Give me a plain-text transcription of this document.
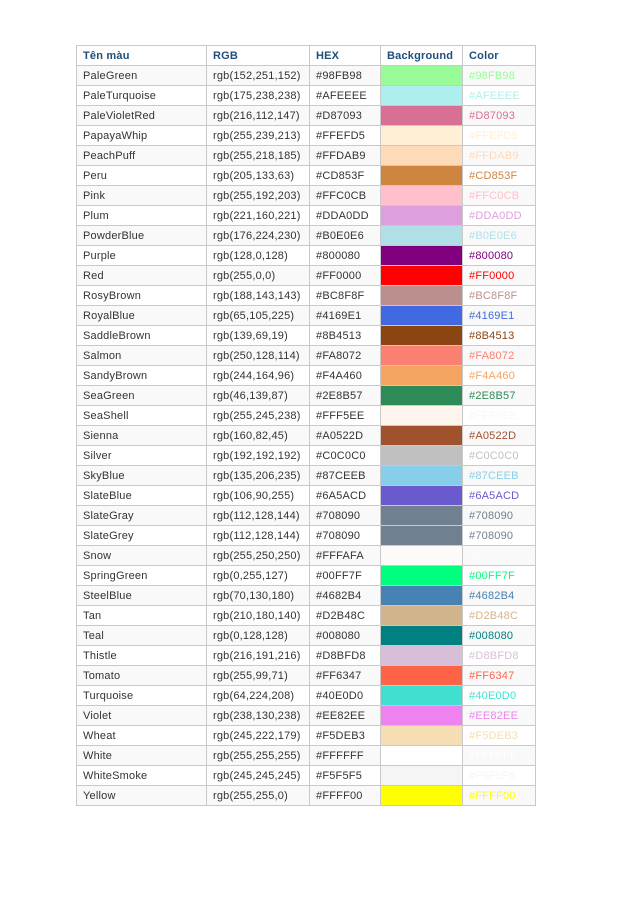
Tên màu	RGB	HEX	Background	Color
PaleGreen	rgb(152,251,152)	#98FB98		#98FB98
PaleTurquoise	rgb(175,238,238)	#AFEEEE		#AFEEEE
PaleVioletRed	rgb(216,112,147)	#D87093		#D87093
PapayaWhip	rgb(255,239,213)	#FFEFD5		#FFEFD5
PeachPuff	rgb(255,218,185)	#FFDAB9		#FFDAB9
Peru	rgb(205,133,63)	#CD853F		#CD853F
Pink	rgb(255,192,203)	#FFC0CB		#FFC0CB
Plum	rgb(221,160,221)	#DDA0DD		#DDA0DD
PowderBlue	rgb(176,224,230)	#B0E0E6		#B0E0E6
Purple	rgb(128,0,128)	#800080		#800080
Red	rgb(255,0,0)	#FF0000		#FF0000
RosyBrown	rgb(188,143,143)	#BC8F8F		#BC8F8F
RoyalBlue	rgb(65,105,225)	#4169E1		#4169E1
SaddleBrown	rgb(139,69,19)	#8B4513		#8B4513
Salmon	rgb(250,128,114)	#FA8072		#FA8072
SandyBrown	rgb(244,164,96)	#F4A460		#F4A460
SeaGreen	rgb(46,139,87)	#2E8B57		#2E8B57
SeaShell	rgb(255,245,238)	#FFF5EE		#FFF5EE
Sienna	rgb(160,82,45)	#A0522D		#A0522D
Silver	rgb(192,192,192)	#C0C0C0		#C0C0C0
SkyBlue	rgb(135,206,235)	#87CEEB		#87CEEB
SlateBlue	rgb(106,90,255)	#6A5ACD		#6A5ACD
SlateGray	rgb(112,128,144)	#708090		#708090
SlateGrey	rgb(112,128,144)	#708090		#708090
Snow	rgb(255,250,250)	#FFFAFA		#FFFAFA
SpringGreen	rgb(0,255,127)	#00FF7F		#00FF7F
SteelBlue	rgb(70,130,180)	#4682B4		#4682B4
Tan	rgb(210,180,140)	#D2B48C		#D2B48C
Teal	rgb(0,128,128)	#008080		#008080
Thistle	rgb(216,191,216)	#D8BFD8		#D8BFD8
Tomato	rgb(255,99,71)	#FF6347		#FF6347
Turquoise	rgb(64,224,208)	#40E0D0		#40E0D0
Violet	rgb(238,130,238)	#EE82EE		#EE82EE
Wheat	rgb(245,222,179)	#F5DEB3		#F5DEB3
White	rgb(255,255,255)	#FFFFFF		#FFFFFF
WhiteSmoke	rgb(245,245,245)	#F5F5F5		#F5F5F5
Yellow	rgb(255,255,0)	#FFFF00		#FFFF00
